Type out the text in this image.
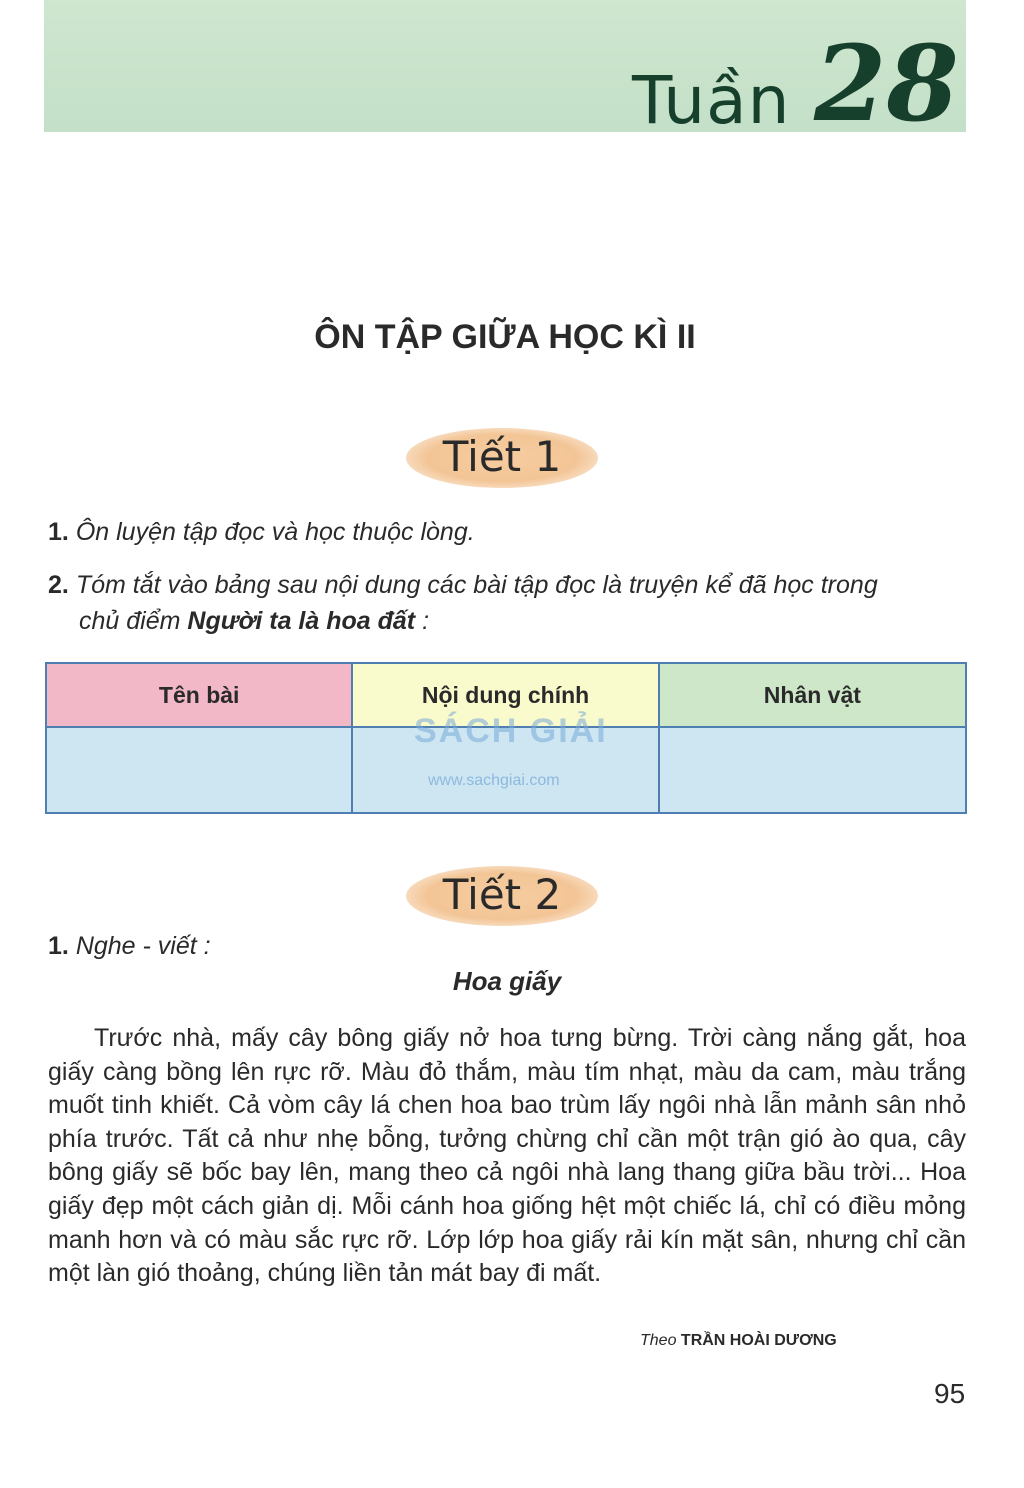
Tuần 28
ÔN TẬP GIỮA HỌC KÌ II
Tiết 1
1. Ôn luyện tập đọc và học thuộc lòng.
2. Tóm tắt vào bảng sau nội dung các bài tập đọc là truyện kể đã học trong
chủ điểm Người ta là hoa đất :
Tên bài	Nội dung chính	Nhân vật

SÁCH GIẢI
www.sachgiai.com
Tiết 2
1. Nghe - viết :
Hoa giấy
Trước nhà, mấy cây bông giấy nở hoa tưng bừng. Trời càng nắng gắt, hoa giấy càng bồng lên rực rỡ. Màu đỏ thắm, màu tím nhạt, màu da cam, màu trắng muốt tinh khiết. Cả vòm cây lá chen hoa bao trùm lấy ngôi nhà lẫn mảnh sân nhỏ phía trước. Tất cả như nhẹ bỗng, tưởng chừng chỉ cần một trận gió ào qua, cây bông giấy sẽ bốc bay lên, mang theo cả ngôi nhà lang thang giữa bầu trời... Hoa giấy đẹp một cách giản dị. Mỗi cánh hoa giống hệt một chiếc lá, chỉ có điều mỏng manh hơn và có màu sắc rực rỡ. Lớp lớp hoa giấy rải kín mặt sân, nhưng chỉ cần một làn gió thoảng, chúng liền tản mát bay đi mất.
Theo TRẦN HOÀI DƯƠNG
95
